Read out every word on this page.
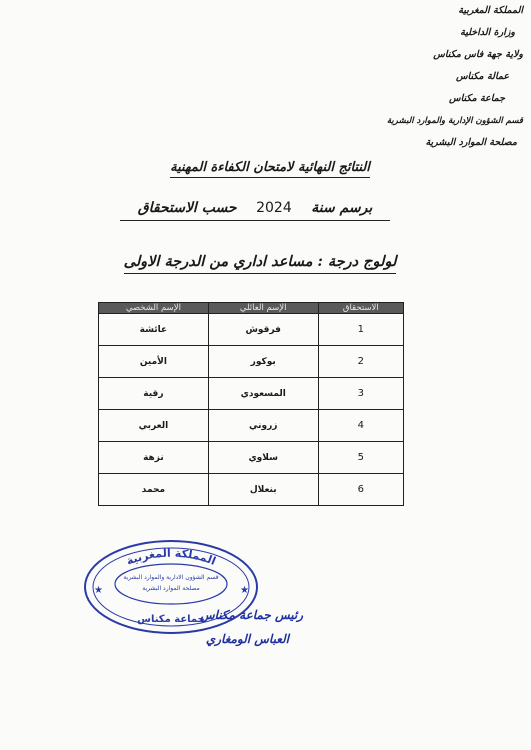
المملكة المغربية
وزارة الداخلية
ولاية جهة فاس مكناس
عمالة مكناس
جماعة مكناس
قسم الشؤون الإدارية والموارد البشرية
مصلحة الموارد البشرية
النتائج النهائية لامتحان الكفاءة المهنية
برسم سنة    2024    حسب الاستحقاق
لولوج درجة : مساعد اداري من الدرجة الاولى
الاستحقاق	الإسم العائلي	الإسم الشخصي
1	فرقوش	عائشة
2	بوكور	الأمين
3	المسعودي	رقية
4	زروني	العربي
5	سلاوي	نزهة
6	بنعلال	محمد
المملكة المغربية
قسم الشؤون الادارية والموارد البشرية
مصلحة الموارد البشرية
جماعة مكناس
★	★
رئيس جماعة مكناس
العباس الومغاري
